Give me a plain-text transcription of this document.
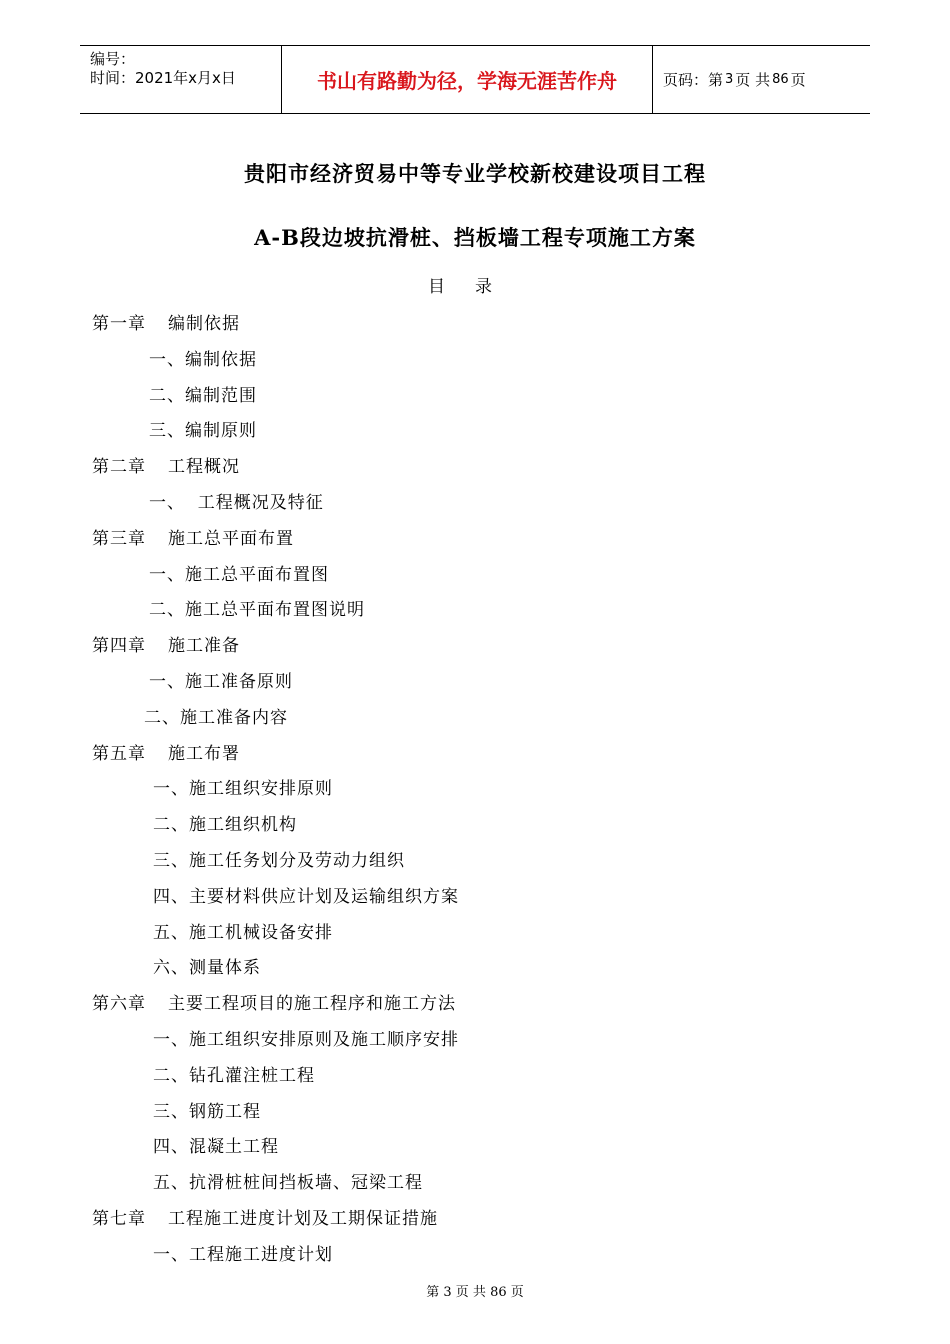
编号：
时间：2021年x月x日	书山有路勤为径，学海无涯苦作舟	页码：第 3 页 共 86 页
贵阳市经济贸易中等专业学校新校建设项目工程
A-B段边坡抗滑桩、挡板墙工程专项施工方案
目录
第一章 编制依据
一、编制依据
二、编制范围
三、编制原则
第二章 工程概况
一、  工程概况及特征
第三章 施工总平面布置
一、施工总平面布置图
二、施工总平面布置图说明
第四章 施工准备
一、施工准备原则
二、施工准备内容
第五章 施工布署
一、施工组织安排原则
二、施工组织机构
三、施工任务划分及劳动力组织
四、主要材料供应计划及运输组织方案
五、施工机械设备安排
六、测量体系
第六章 主要工程项目的施工程序和施工方法
一、施工组织安排原则及施工顺序安排
二、钻孔灌注桩工程
三、钢筋工程
四、混凝土工程
五、抗滑桩桩间挡板墙、冠梁工程
第七章 工程施工进度计划及工期保证措施
一、工程施工进度计划
第 3 页 共 86 页
